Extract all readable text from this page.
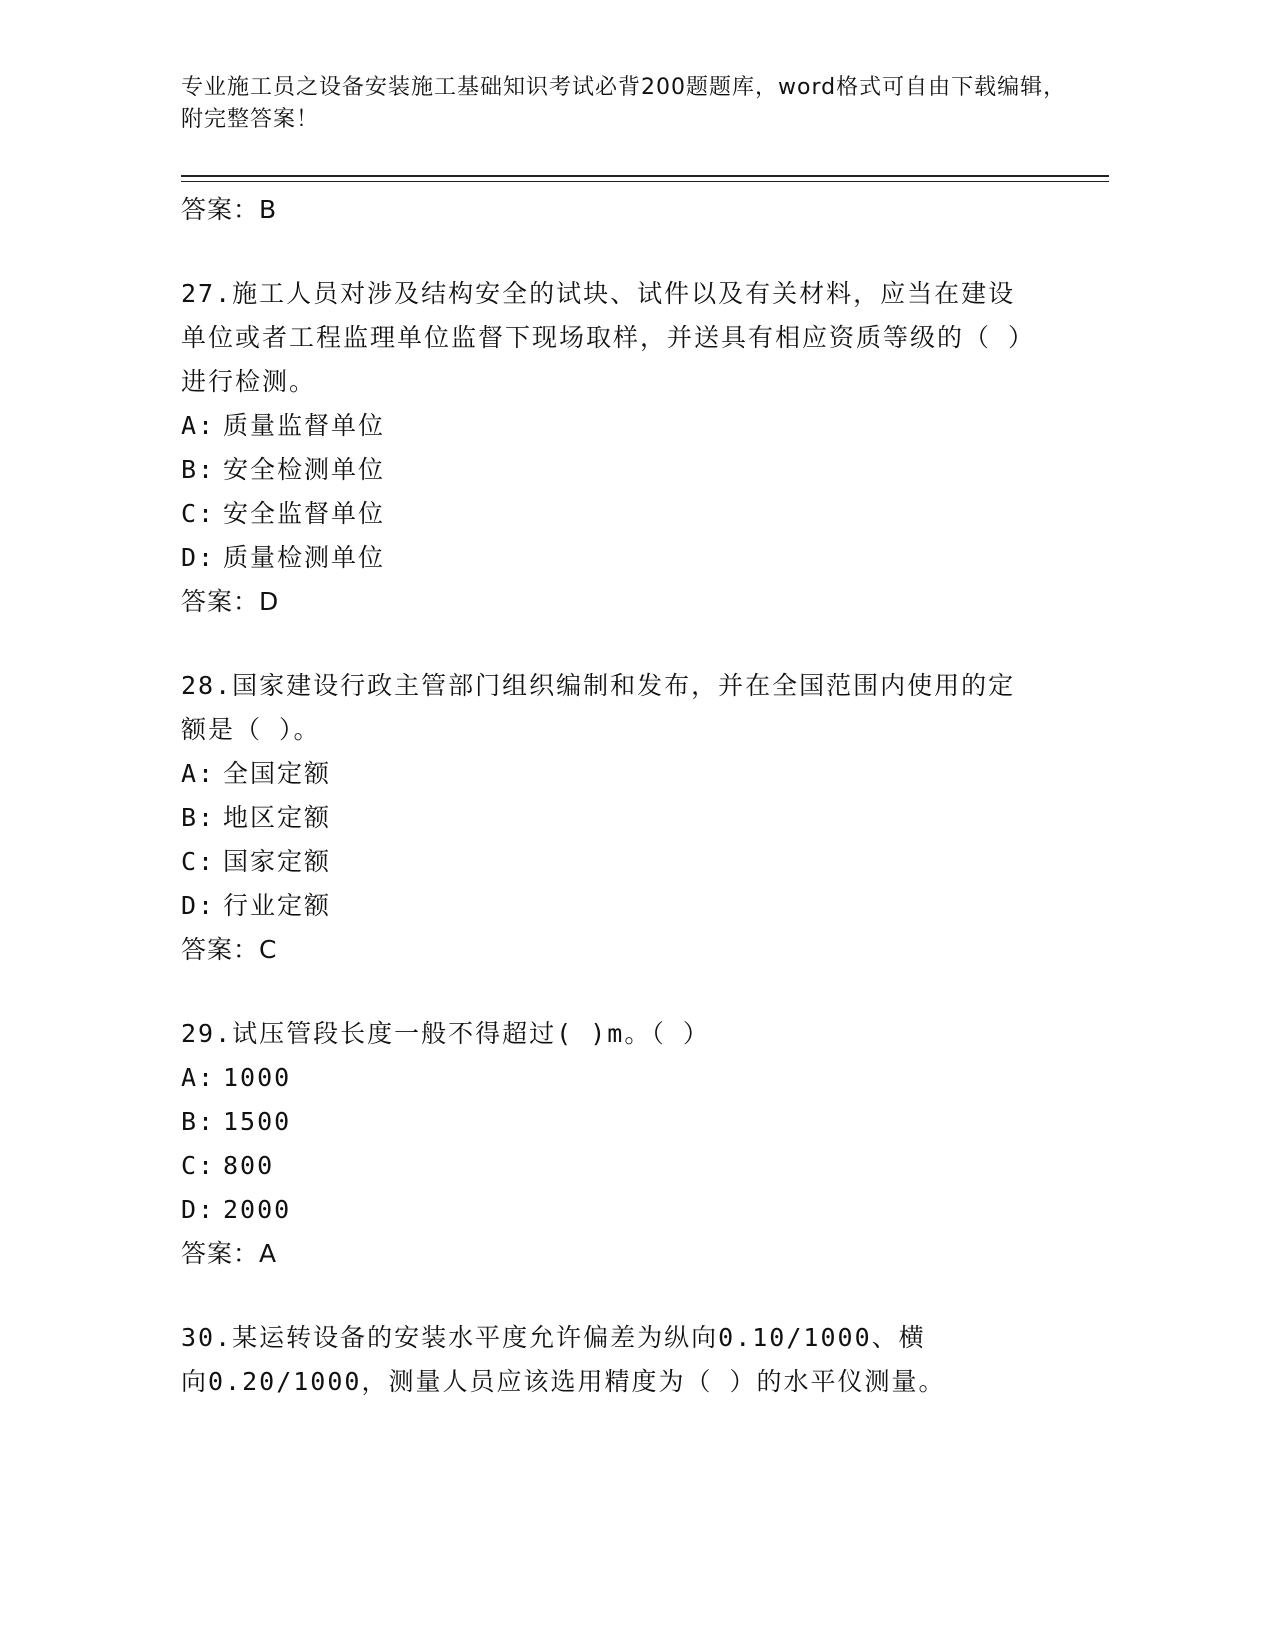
专业施工员之设备安装施工基础知识考试必背200题题库，word格式可自由下载编辑，附完整答案！
答案：B
27.施工人员对涉及结构安全的试块、试件以及有关材料，应当在建设单位或者工程监理单位监督下现场取样，并送具有相应资质等级的（ ）进行检测。
A: 质量监督单位
B: 安全检测单位
C: 安全监督单位
D: 质量检测单位
答案：D
28.国家建设行政主管部门组织编制和发布，并在全国范围内使用的定额是（ ）。
A: 全国定额
B: 地区定额
C: 国家定额
D: 行业定额
答案：C
29.试压管段长度一般不得超过( )m。（ ）
A: 1000
B: 1500
C: 800
D: 2000
答案：A
30.某运转设备的安装水平度允许偏差为纵向0.10/1000、横向0.20/1000，测量人员应该选用精度为（ ）的水平仪测量。
